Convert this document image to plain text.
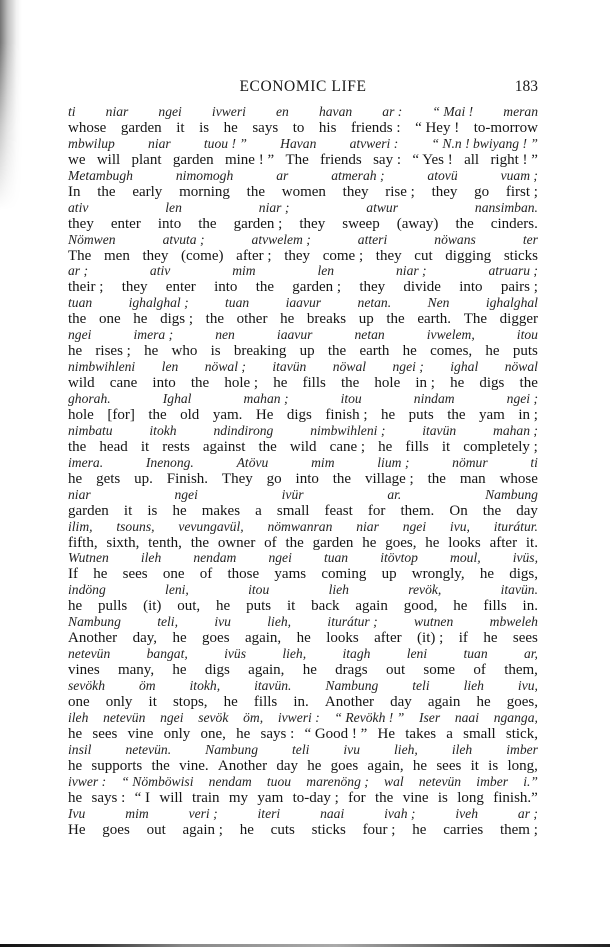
ECONOMIC LIFE	183
ti niar ngei ivweri en havan ar : “ Mai ! meran
whose garden it is he says to his friends : “ Hey ! to-morrow
mbwilup niar tuou ! ” Havan atvweri : “ N.n ! bwiyang ! ”
we will plant garden mine ! ” The friends say : “ Yes ! all right ! ”
Metambugh	nimomogh	ar	atmerah ;	atovü	vuam ;
In the early morning the women they rise ; they go first ;
ativ	len	niar ;	atwur	nansimban.
they enter into the garden ; they sweep (away) the cinders.
Nömwen	atvuta ;	atvwelem ;	atteri	nöwans	ter
The men they (come) after ; they come ; they cut digging sticks
ar ;	ativ	mim	len	niar ;	atruaru ;
their ; they enter into the garden ; they divide into pairs ;
tuan	ighalghal ;	tuan	iaavur	netan.	Nen	ighalghal
the one he digs ; the other he breaks up the earth. The digger
ngei	imera ;	nen	iaavur	netan	ivwelem,	itou
he rises ; he who is breaking up the earth he comes, he puts
nimbwihleni len nöwal ; itavün nöwal ngei ; ighal nöwal
wild cane into the hole ; he fills the hole in ; he digs the
ghorah.	Ighal	mahan ;	itou	nindam	ngei ;
hole [for] the old yam. He digs finish ; he puts the yam in ;
nimbatu	itokh	ndindirong	nimbwihleni ;	itavün	mahan ;
the head it rests against the wild cane ; he fills it completely ;
imera.	Inenong.	Atövu	mim	lium ;	nömur	ti
he gets up. Finish. They go into the village ; the man whose
niar	ngei	ivür	ar.	Nambung
garden it is he makes a small feast for them. On the day
ilim, tsouns, vevungavül, nömwanran niar ngei ivu, iturátur.
fifth, sixth, tenth, the owner of the garden he goes, he looks after it.
Wutnen ileh nendam ngei tuan itövtop moul, ivüs,
If he sees one of those yams coming up wrongly, he digs,
indöng	leni,	itou	lieh	revök,	itavün.
he pulls (it) out, he puts it back again good, he fills in.
Nambung	teli,	ivu	lieh,	iturátur ;	wutnen	mbweleh
Another day, he goes again, he looks after (it) ; if he sees
netevün	bangat,	ivüs	lieh,	itagh	leni	tuan	ar,
vines many, he digs again, he drags out some of them,
sevökh öm itokh, itavün. Nambung teli lieh ivu,
one only it stops, he fills in. Another day again he goes,
ileh netevün ngei sevök öm, ivweri : “ Revökh ! ” Iser naai nganga,
he sees vine only one, he says : “ Good ! ” He takes a small stick,
insil	netevün.	Nambung	teli	ivu	lieh,	ileh	imber
he supports the vine. Another day he goes again, he sees it is long,
ivwer : “ Nömböwisi nendam tuou marenöng ; wal netevün imber i.”
he says : “ I will train my yam to-day ; for the vine is long finish.”
Ivu	mim	veri ;	iteri	naai	ivah ;	iveh	ar ;
He goes out again ; he cuts sticks four ; he carries them ;
